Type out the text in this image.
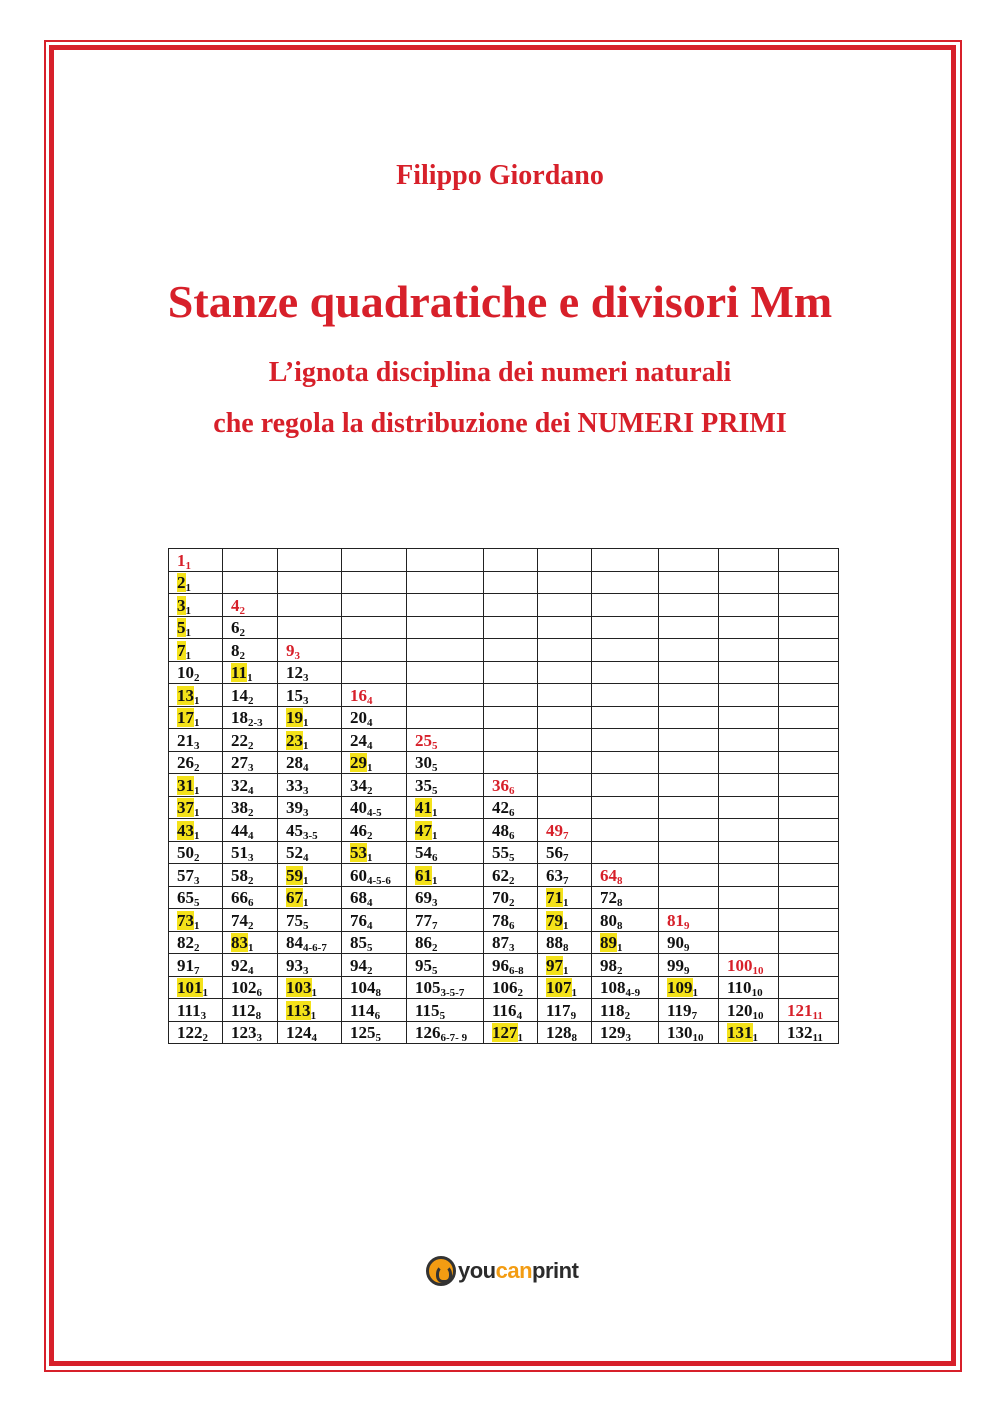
Filippo Giordano
Stanze quadratiche e divisori Mm
L’ignota disciplina dei numeri naturali
che regola la distribuzione dei NUMERI PRIMI
$1_1$										
$2_1$										
$3_1$	$4_2$									
$5_1$	$6_2$									
$7_1$	$8_2$	$9_3$								
$10_2$	$11_1$	$12_3$								
$13_1$	$14_2$	$15_3$	$16_4$							
$17_1$	$18_{2-3}$	$19_1$	$20_4$							
$21_3$	$22_2$	$23_1$	$24_4$	$25_5$						
$26_2$	$27_3$	$28_4$	$29_1$	$30_5$						
$31_1$	$32_4$	$33_3$	$34_2$	$35_5$	$36_6$					
$37_1$	$38_2$	$39_3$	$40_{4-5}$	$41_1$	$42_6$					
$43_1$	$44_4$	$45_{3-5}$	$46_2$	$47_1$	$48_6$	$49_7$				
$50_2$	$51_3$	$52_4$	$53_1$	$54_6$	$55_5$	$56_7$				
$57_3$	$58_2$	$59_1$	$60_{4-5-6}$	$61_1$	$62_2$	$63_7$	$64_8$			
$65_5$	$66_6$	$67_1$	$68_4$	$69_3$	$70_2$	$71_1$	$72_8$			
$73_1$	$74_2$	$75_5$	$76_4$	$77_7$	$78_6$	$79_1$	$80_8$	$81_9$		
$82_2$	$83_1$	$84_{4-6-7}$	$85_5$	$86_2$	$87_3$	$88_8$	$89_1$	$90_9$		
$91_7$	$92_4$	$93_3$	$94_2$	$95_5$	$96_{6-8}$	$97_1$	$98_2$	$99_9$	$100_{10}$	
$101_1$	$102_6$	$103_1$	$104_8$	$105_{3-5-7}$	$106_2$	$107_1$	$108_{4-9}$	$109_1$	$110_{10}$	
$111_3$	$112_8$	$113_1$	$114_6$	$115_5$	$116_4$	$117_9$	$118_2$	$119_7$	$120_{10}$	$121_{11}$
$122_2$	$123_3$	$124_4$	$125_5$	$126_{6-7- 9}$	$127_1$	$128_8$	$129_3$	$130_{10}$	$131_1$	$132_{11}$
you can print
